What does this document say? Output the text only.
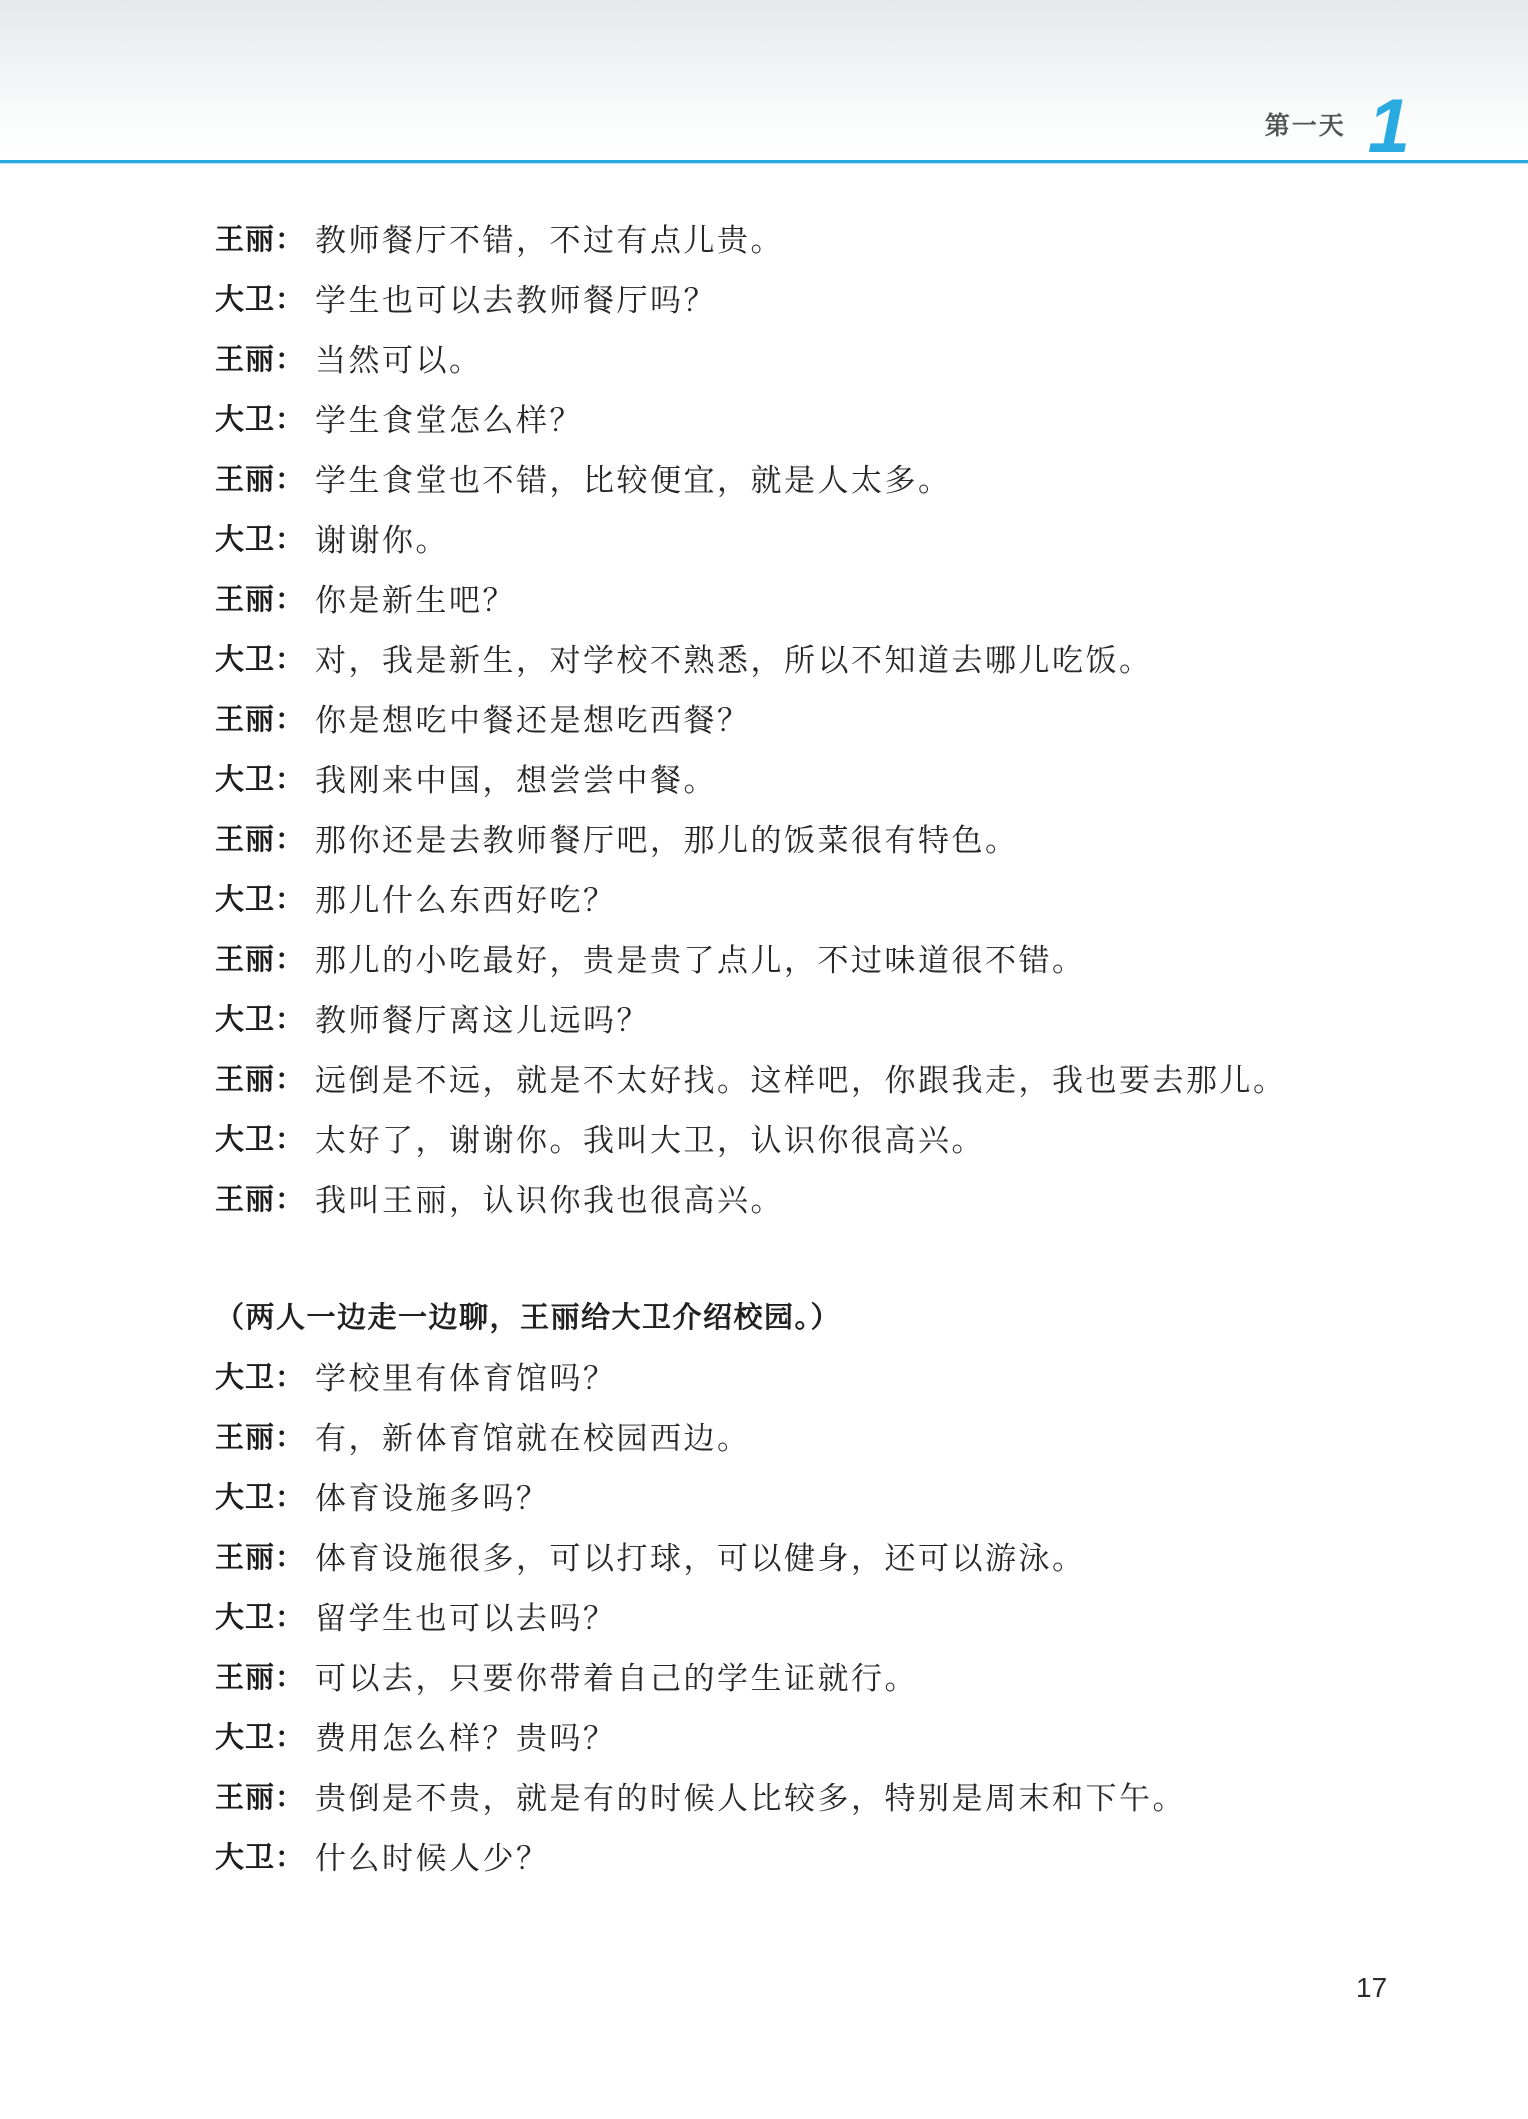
第一天 1
王丽： 教师餐厅不错，不过有点儿贵。
大卫： 学生也可以去教师餐厅吗？
王丽： 当然可以。
大卫： 学生食堂怎么样？
王丽： 学生食堂也不错，比较便宜，就是人太多。
大卫： 谢谢你。
王丽： 你是新生吧？
大卫： 对，我是新生，对学校不熟悉，所以不知道去哪儿吃饭。
王丽： 你是想吃中餐还是想吃西餐？
大卫： 我刚来中国，想尝尝中餐。
王丽： 那你还是去教师餐厅吧，那儿的饭菜很有特色。
大卫： 那儿什么东西好吃？
王丽： 那儿的小吃最好，贵是贵了点儿，不过味道很不错。
大卫： 教师餐厅离这儿远吗？
王丽： 远倒是不远，就是不太好找。这样吧，你跟我走，我也要去那儿。
大卫： 太好了，谢谢你。我叫大卫，认识你很高兴。
王丽： 我叫王丽，认识你我也很高兴。
（两人一边走一边聊，王丽给大卫介绍校园。）
大卫： 学校里有体育馆吗？
王丽： 有，新体育馆就在校园西边。
大卫： 体育设施多吗？
王丽： 体育设施很多，可以打球，可以健身，还可以游泳。
大卫： 留学生也可以去吗？
王丽： 可以去，只要你带着自己的学生证就行。
大卫： 费用怎么样？贵吗？
王丽： 贵倒是不贵，就是有的时候人比较多，特别是周末和下午。
大卫： 什么时候人少？
17
